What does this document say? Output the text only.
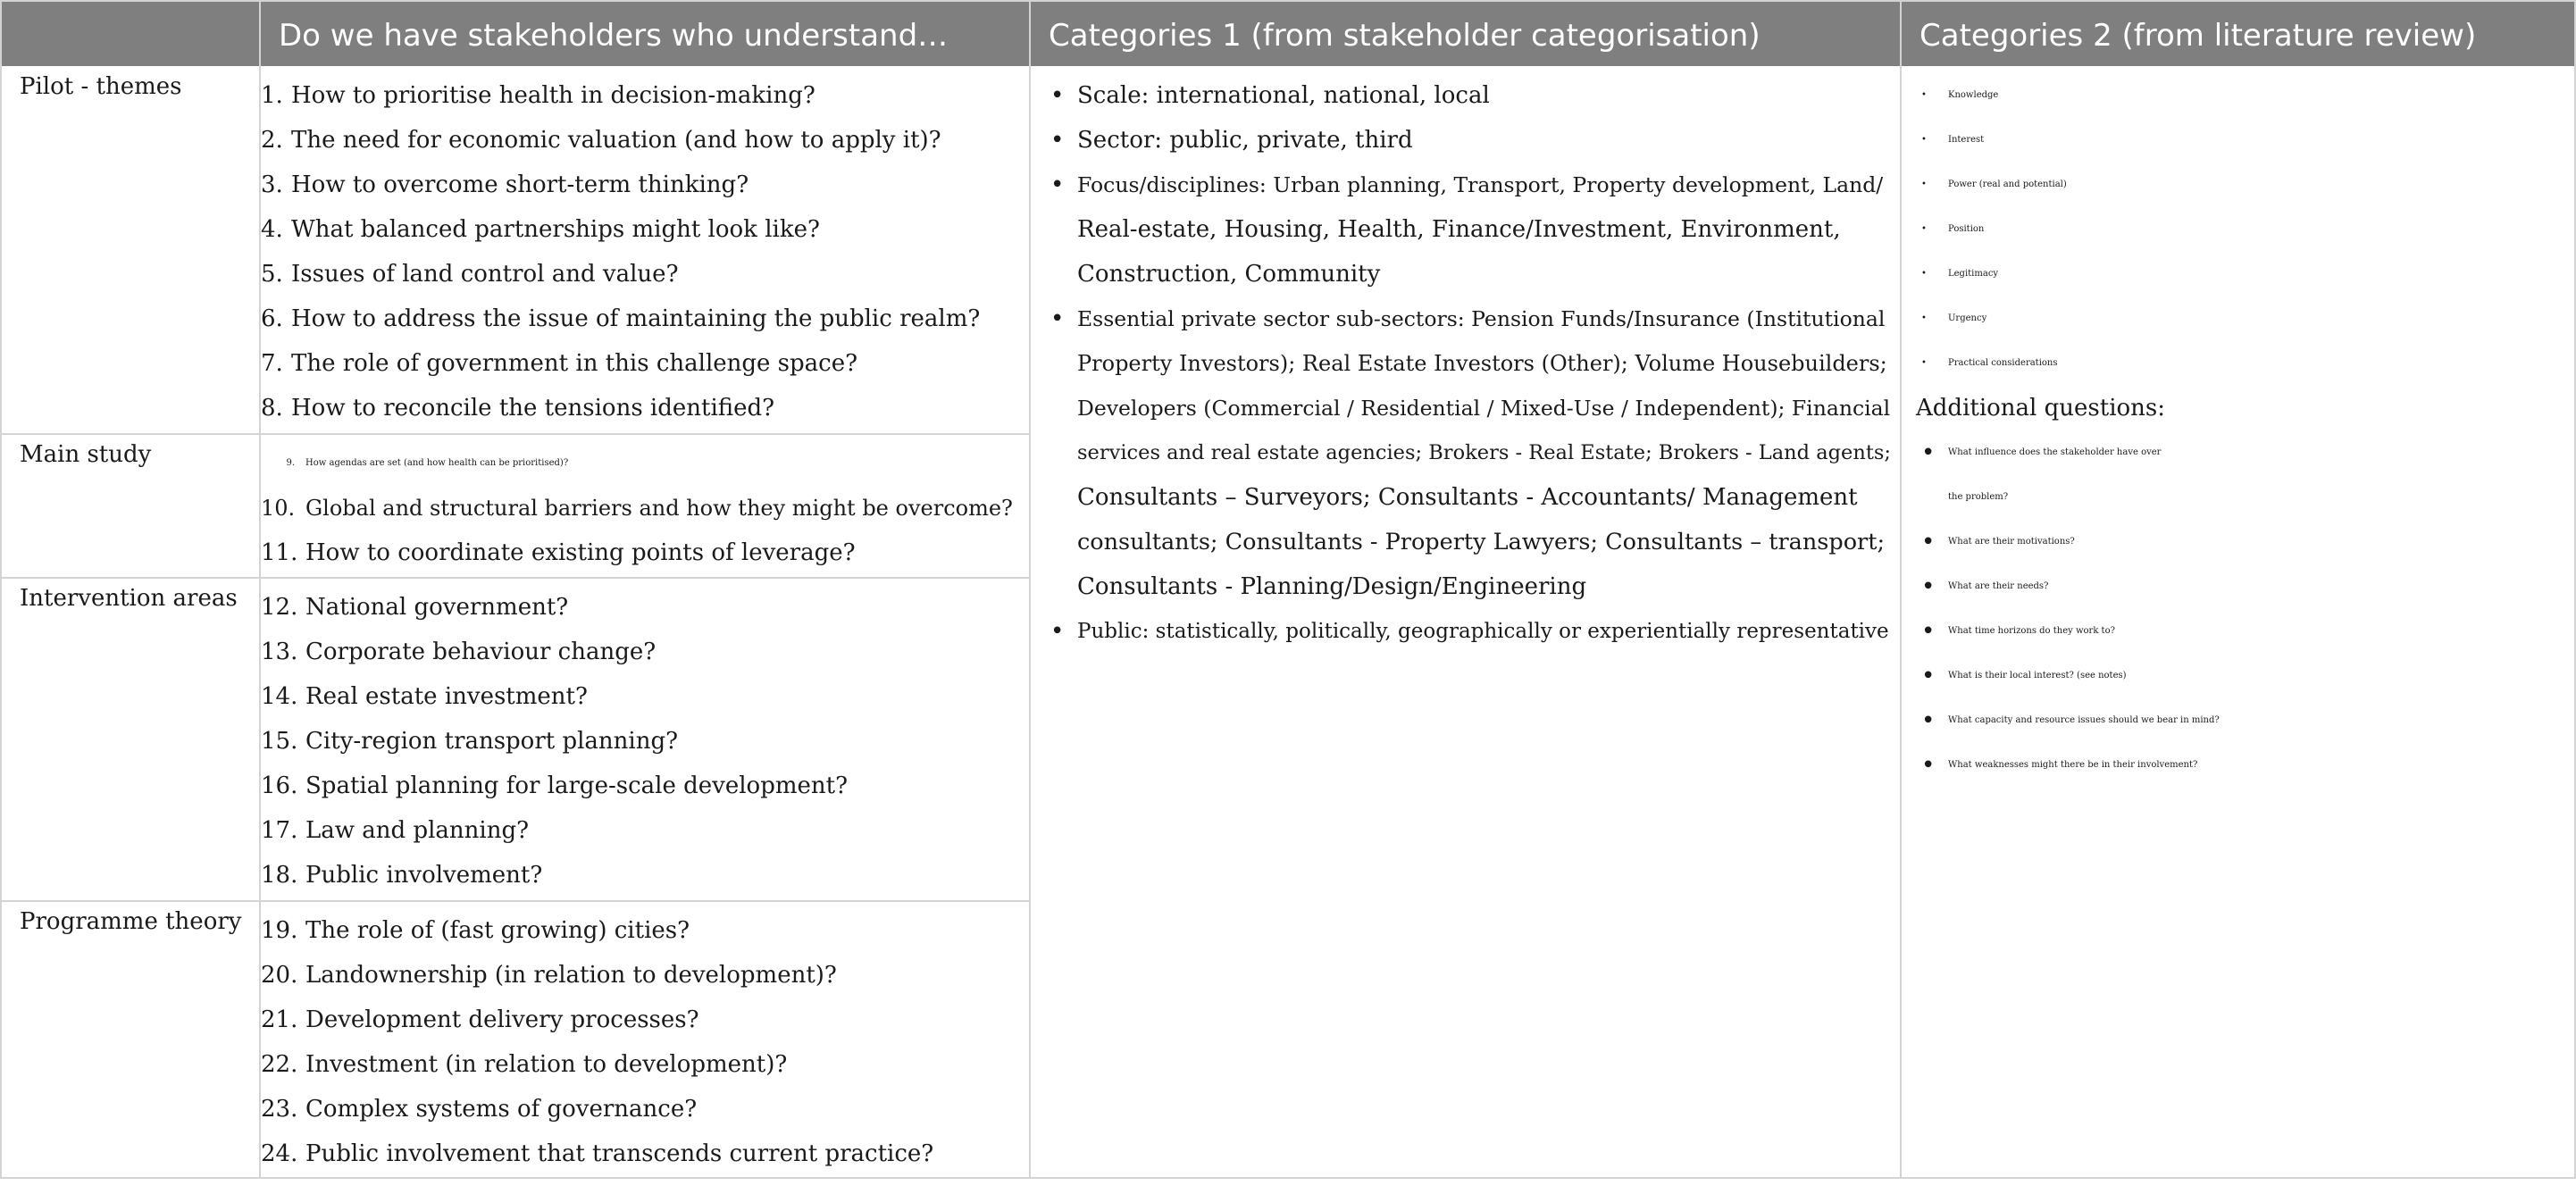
Do we have stakeholders who understand…	Categories 1 (from stakeholder categorisation)	Categories 2 (from literature review)
Pilot - themes
Main study
Intervention areas
Programme theory
1. How to prioritise health in decision-making?
2. The need for economic valuation (and how to apply it)?
3. How to overcome short-term thinking?
4. What balanced partnerships might look like?
5. Issues of land control and value?
6. How to address the issue of maintaining the public realm?
7. The role of government in this challenge space?
8. How to reconcile the tensions identified?
9. How agendas are set (and how health can be prioritised)?
10. Global and structural barriers and how they might be overcome?
11. How to coordinate existing points of leverage?
12. National government?
13. Corporate behaviour change?
14. Real estate investment?
15. City-region transport planning?
16. Spatial planning for large-scale development?
17. Law and planning?
18. Public involvement?
19. The role of (fast growing) cities?
20. Landownership (in relation to development)?
21. Development delivery processes?
22. Investment (in relation to development)?
23. Complex systems of governance?
24. Public involvement that transcends current practice?
• Scale: international, national, local
• Sector: public, private, third
• Focus/disciplines: Urban planning, Transport, Property development, Land/
Real-estate, Housing, Health, Finance/Investment, Environment,
Construction, Community
• Essential private sector sub-sectors: Pension Funds/Insurance (Institutional
Property Investors); Real Estate Investors (Other); Volume Housebuilders;
Developers (Commercial / Residential / Mixed-Use / Independent); Financial
services and real estate agencies; Brokers - Real Estate; Brokers - Land agents;
Consultants – Surveyors; Consultants - Accountants/ Management
consultants; Consultants - Property Lawyers; Consultants – transport;
Consultants - Planning/Design/Engineering
• Public: statistically, politically, geographically or experientially representative
• Knowledge
• Interest
• Power (real and potential)
• Position
• Legitimacy
• Urgency
• Practical considerations
Additional questions:
• What influence does the stakeholder have over
the problem?
• What are their motivations?
• What are their needs?
• What time horizons do they work to?
• What is their local interest? (see notes)
• What capacity and resource issues should we bear in mind?
• What weaknesses might there be in their involvement?
